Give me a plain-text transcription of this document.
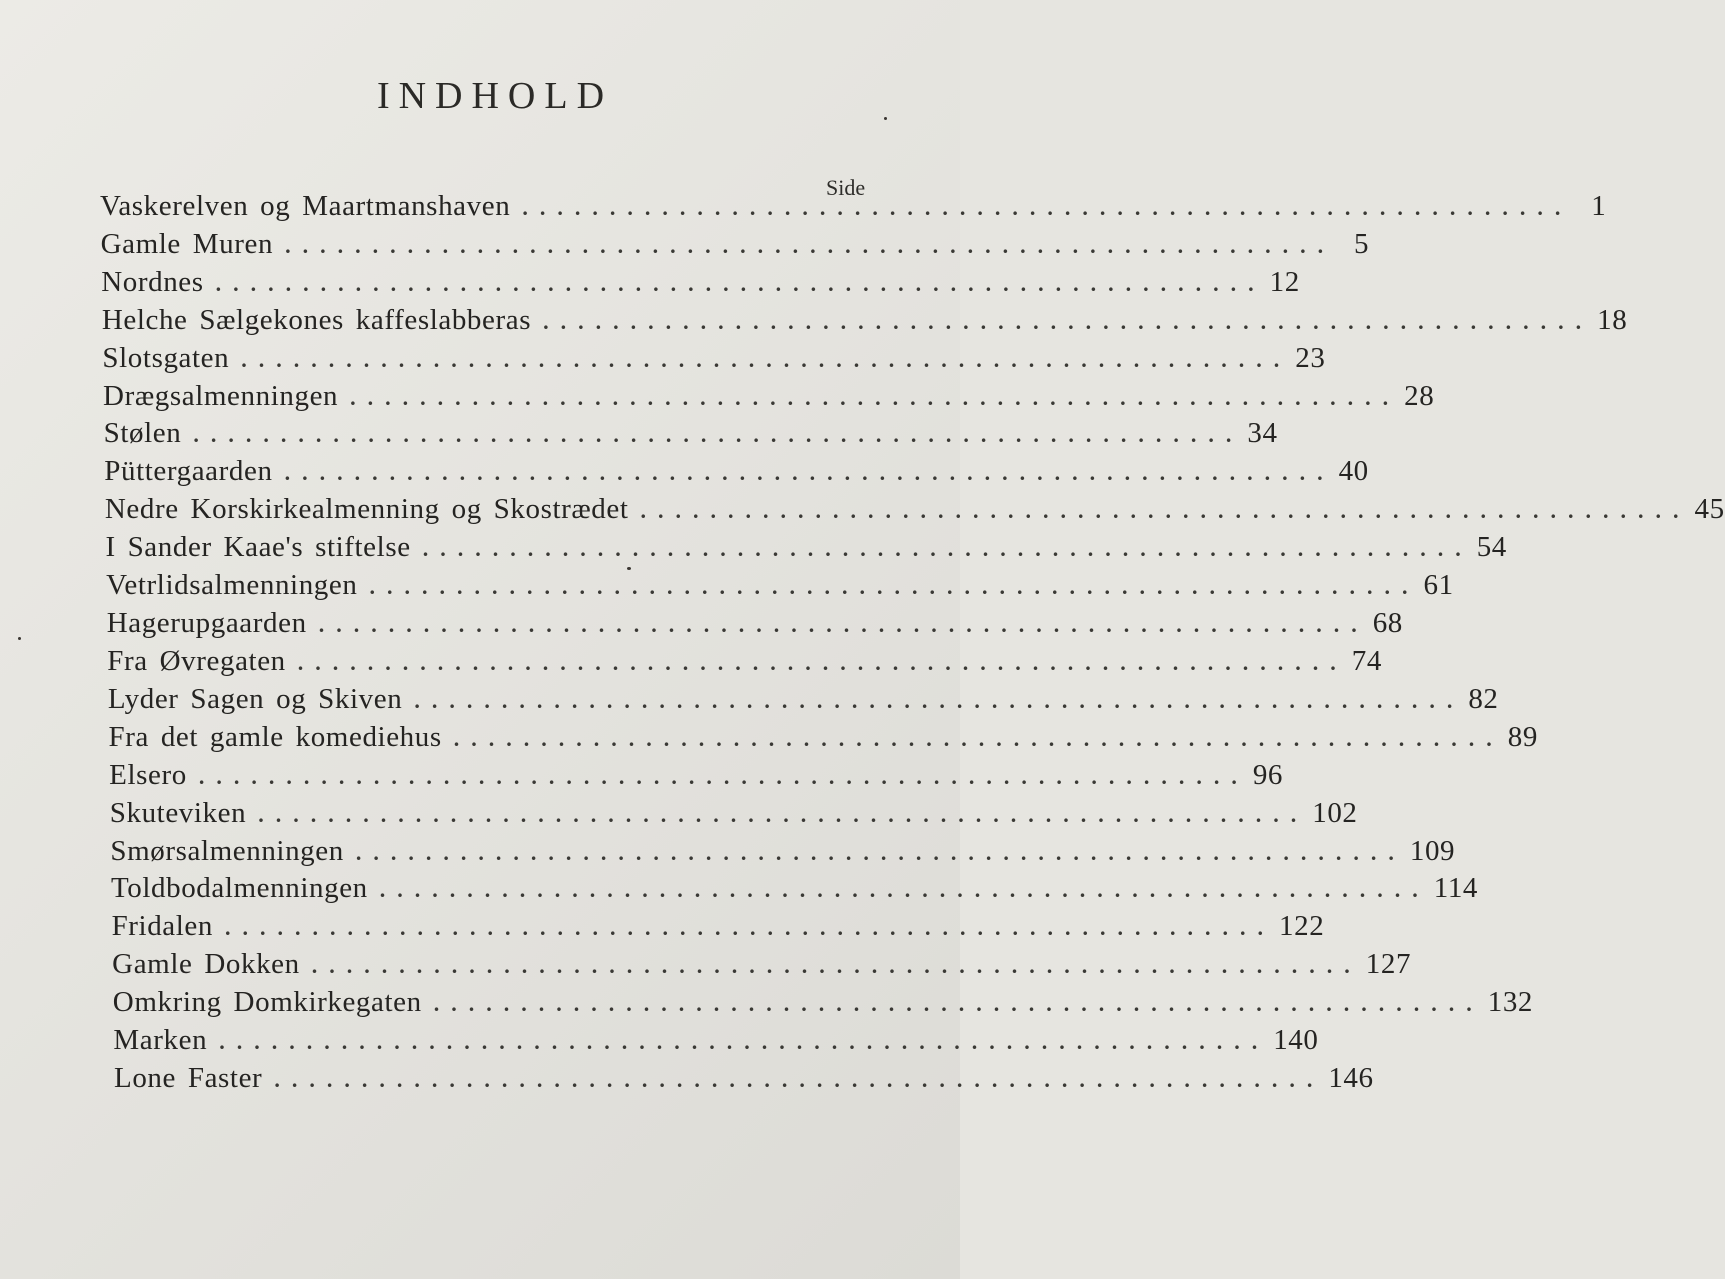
INDHOLD
Side
Vaskerelven og Maartmanshaven ............................................................ 1
Gamle Muren ............................................................ 5
Nordnes ............................................................ 12
Helche Sælgekones kaffeslabberas ............................................................ 18
Slotsgaten ............................................................ 23
Drægsalmenningen ............................................................ 28
Stølen ............................................................ 34
Püttergaarden ............................................................ 40
Nedre Korskirkealmenning og Skostrædet ............................................................ 45
I Sander Kaae's stiftelse ............................................................ 54
Vetrlidsalmenningen ............................................................ 61
Hagerupgaarden ............................................................ 68
Fra Øvregaten ............................................................ 74
Lyder Sagen og Skiven ............................................................ 82
Fra det gamle komediehus ............................................................ 89
Elsero ............................................................ 96
Skuteviken ............................................................ 102
Smørsalmenningen ............................................................ 109
Toldbodalmenningen ............................................................ 114
Fridalen ............................................................ 122
Gamle Dokken ............................................................ 127
Omkring Domkirkegaten ............................................................ 132
Marken ............................................................ 140
Lone Faster ............................................................ 146
